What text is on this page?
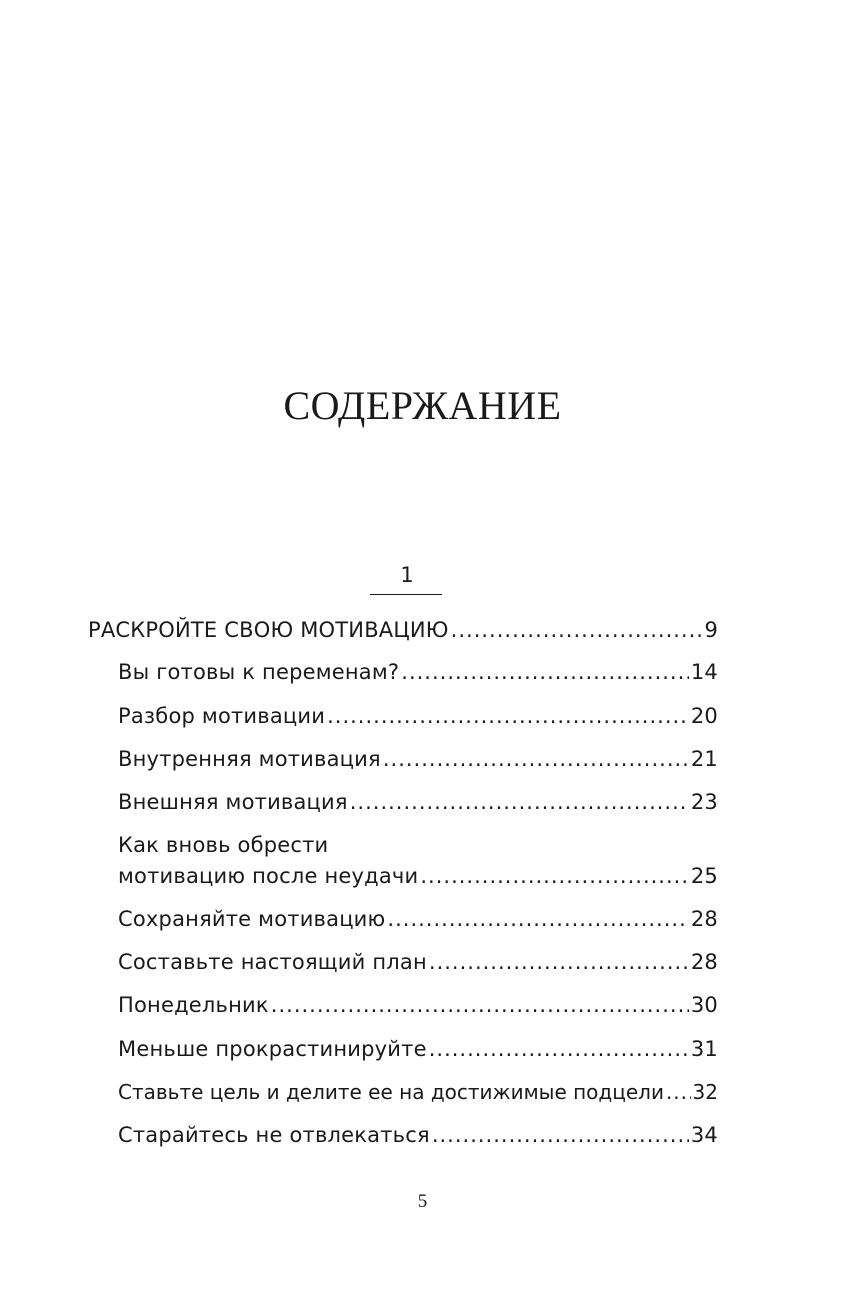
СОДЕРЖАНИЕ
1
РАСКРОЙТЕ СВОЮ МОТИВАЦИЮ .....	9
Вы готовы к переменам? .....	14
Разбор мотивации .....	20
Внутренняя мотивация .....	21
Внешняя мотивация .....	23
Как вновь обрести
мотивацию после неудачи .....	25
Сохраняйте мотивацию .....	28
Составьте настоящий план .....	28
Понедельник .....	30
Меньше прокрастинируйте .....	31
Ставьте цель и делите ее на достижимые подцели ..... 32
Старайтесь не отвлекаться .....	34
5
